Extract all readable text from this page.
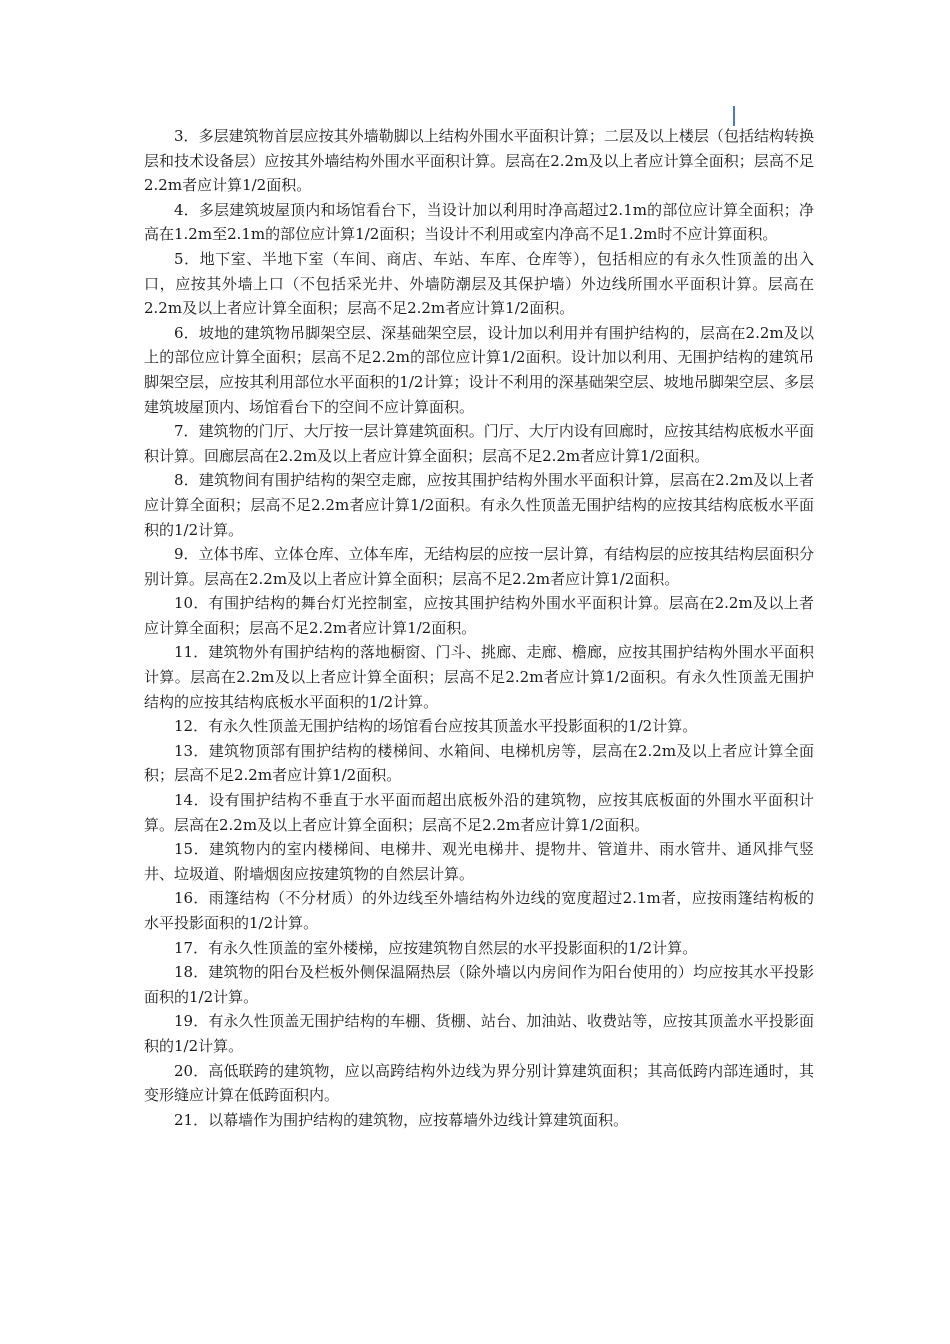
3．多层建筑物首层应按其外墙勒脚以上结构外围水平面积计算；二层及以上楼层（包括结构转换层和技术设备层）应按其外墙结构外围水平面积计算。层高在2.2m及以上者应计算全面积；层高不足2.2m者应计算1/2面积。

4．多层建筑坡屋顶内和场馆看台下，当设计加以利用时净高超过2.1m的部位应计算全面积；净高在1.2m至2.1m的部位应计算1/2面积；当设计不利用或室内净高不足1.2m时不应计算面积。

5．地下室、半地下室（车间、商店、车站、车库、仓库等），包括相应的有永久性顶盖的出入口，应按其外墙上口（不包括采光井、外墙防潮层及其保护墙）外边线所围水平面积计算。层高在2.2m及以上者应计算全面积；层高不足2.2m者应计算1/2面积。

6．坡地的建筑物吊脚架空层、深基础架空层，设计加以利用并有围护结构的，层高在2.2m及以上的部位应计算全面积；层高不足2.2m的部位应计算1/2面积。设计加以利用、无围护结构的建筑吊脚架空层，应按其利用部位水平面积的1/2计算；设计不利用的深基础架空层、坡地吊脚架空层、多层建筑坡屋顶内、场馆看台下的空间不应计算面积。

7．建筑物的门厅、大厅按一层计算建筑面积。门厅、大厅内设有回廊时，应按其结构底板水平面积计算。回廊层高在2.2m及以上者应计算全面积；层高不足2.2m者应计算1/2面积。

8．建筑物间有围护结构的架空走廊，应按其围护结构外围水平面积计算，层高在2.2m及以上者应计算全面积；层高不足2.2m者应计算1/2面积。有永久性顶盖无围护结构的应按其结构底板水平面积的1/2计算。

9．立体书库、立体仓库、立体车库，无结构层的应按一层计算，有结构层的应按其结构层面积分别计算。层高在2.2m及以上者应计算全面积；层高不足2.2m者应计算1/2面积。

10．有围护结构的舞台灯光控制室，应按其围护结构外围水平面积计算。层高在2.2m及以上者应计算全面积；层高不足2.2m者应计算1/2面积。

11．建筑物外有围护结构的落地橱窗、门斗、挑廊、走廊、檐廊，应按其围护结构外围水平面积计算。层高在2.2m及以上者应计算全面积；层高不足2.2m者应计算1/2面积。有永久性顶盖无围护结构的应按其结构底板水平面积的1/2计算。

12．有永久性顶盖无围护结构的场馆看台应按其顶盖水平投影面积的1/2计算。

13．建筑物顶部有围护结构的楼梯间、水箱间、电梯机房等，层高在2.2m及以上者应计算全面积；层高不足2.2m者应计算1/2面积。

14．设有围护结构不垂直于水平面而超出底板外沿的建筑物，应按其底板面的外围水平面积计算。层高在2.2m及以上者应计算全面积；层高不足2.2m者应计算1/2面积。

15．建筑物内的室内楼梯间、电梯井、观光电梯井、提物井、管道井、雨水管井、通风排气竖井、垃圾道、附墙烟囱应按建筑物的自然层计算。

16．雨篷结构（不分材质）的外边线至外墙结构外边线的宽度超过2.1m者，应按雨篷结构板的水平投影面积的1/2计算。

17．有永久性顶盖的室外楼梯，应按建筑物自然层的水平投影面积的1/2计算。

18．建筑物的阳台及栏板外侧保温隔热层（除外墙以内房间作为阳台使用的）均应按其水平投影面积的1/2计算。

19．有永久性顶盖无围护结构的车棚、货棚、站台、加油站、收费站等，应按其顶盖水平投影面积的1/2计算。

20．高低联跨的建筑物，应以高跨结构外边线为界分别计算建筑面积；其高低跨内部连通时，其变形缝应计算在低跨面积内。

21．以幕墙作为围护结构的建筑物，应按幕墙外边线计算建筑面积。
